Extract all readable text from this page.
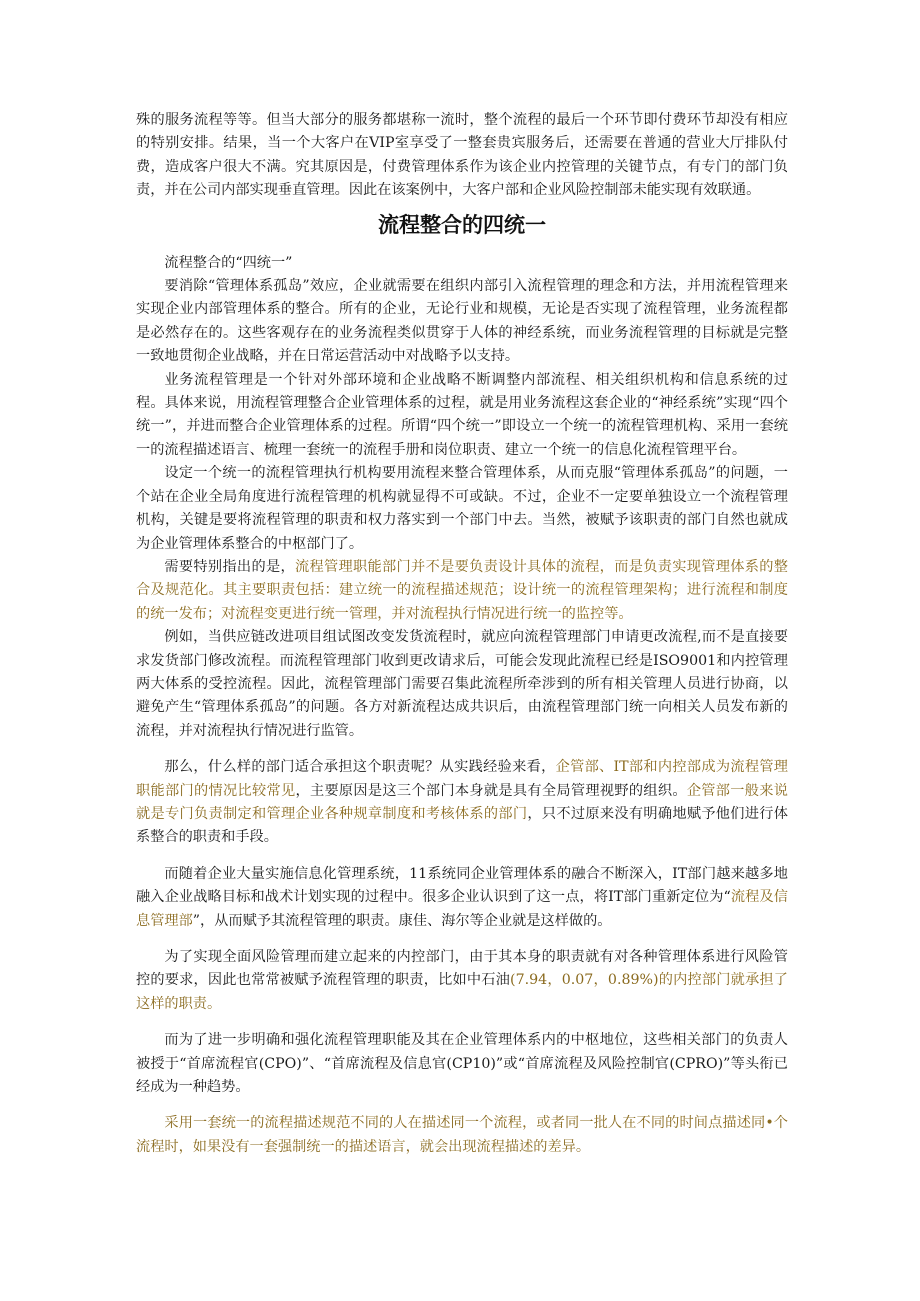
殊的服务流程等等。但当大部分的服务都堪称一流时，整个流程的最后一个环节即付费环节却没有相应的特别安排。结果，当一个大客户在VIP室享受了一整套贵宾服务后，还需要在普通的营业大厅排队付费，造成客户很大不满。究其原因是，付费管理体系作为该企业内控管理的关键节点，有专门的部门负责，并在公司内部实现垂直管理。因此在该案例中，大客户部和企业风险控制部未能实现有效联通。

流程整合的四统一

流程整合的“四统一”

要消除“管理体系孤岛”效应，企业就需要在组织内部引入流程管理的理念和方法，并用流程管理来实现企业内部管理体系的整合。所有的企业，无论行业和规模，无论是否实现了流程管理，业务流程都是必然存在的。这些客观存在的业务流程类似贯穿于人体的神经系统，而业务流程管理的目标就是完整一致地贯彻企业战略，并在日常运营活动中对战略予以支持。

业务流程管理是一个针对外部环境和企业战略不断调整内部流程、相关组织机构和信息系统的过程。具体来说，用流程管理整合企业管理体系的过程，就是用业务流程这套企业的“神经系统”实现“四个统一”，并进而整合企业管理体系的过程。所谓“四个统一”即设立一个统一的流程管理机构、采用一套统一的流程描述语言、梳理一套统一的流程手册和岗位职责、建立一个统一的信息化流程管理平台。

设定一个统一的流程管理执行机构要用流程来整合管理体系，从而克服“管理体系孤岛”的问题，一个站在企业全局角度进行流程管理的机构就显得不可或缺。不过，企业不一定要单独设立一个流程管理机构，关键是要将流程管理的职责和权力落实到一个部门中去。当然，被赋予该职责的部门自然也就成为企业管理体系整合的中枢部门了。

需要特别指出的是，流程管理职能部门并不是要负责设计具体的流程，而是负责实现管理体系的整合及规范化。其主要职责包括：建立统一的流程描述规范；设计统一的流程管理架构；进行流程和制度的统一发布；对流程变更进行统一管理，并对流程执行情况进行统一的监控等。

例如，当供应链改进项目组试图改变发货流程时，就应向流程管理部门申请更改流程,而不是直接要求发货部门修改流程。而流程管理部门收到更改请求后，可能会发现此流程已经是ISO9001和内控管理两大体系的受控流程。因此，流程管理部门需要召集此流程所牵涉到的所有相关管理人员进行协商，以避免产生“管理体系孤岛”的问题。各方对新流程达成共识后，由流程管理部门统一向相关人员发布新的流程，并对流程执行情况进行监管。

那么，什么样的部门适合承担这个职责呢？从实践经验来看，企管部、IT部和内控部成为流程管理职能部门的情况比较常见，主要原因是这三个部门本身就是具有全局管理视野的组织。企管部一般来说就是专门负责制定和管理企业各种规章制度和考核体系的部门，只不过原来没有明确地赋予他们进行体系整合的职责和手段。

而随着企业大量实施信息化管理系统，11系统同企业管理体系的融合不断深入，IT部门越来越多地融入企业战略目标和战术计划实现的过程中。很多企业认识到了这一点，将IT部门重新定位为“流程及信息管理部”，从而赋予其流程管理的职责。康佳、海尔等企业就是这样做的。

为了实现全面风险管理而建立起来的内控部门，由于其本身的职责就有对各种管理体系进行风险管控的要求，因此也常常被赋予流程管理的职责，比如中石油(7.94，0.07，0.89%)的内控部门就承担了这样的职责。

而为了进一步明确和强化流程管理职能及其在企业管理体系内的中枢地位，这些相关部门的负责人被授于“首席流程官(CPO)”、“首席流程及信息官(CP10)”或“首席流程及风险控制官(CPRO)”等头衔已经成为一种趋势。

采用一套统一的流程描述规范不同的人在描述同一个流程，或者同一批人在不同的时间点描述同•个流程时，如果没有一套强制统一的描述语言，就会出现流程描述的差异。
